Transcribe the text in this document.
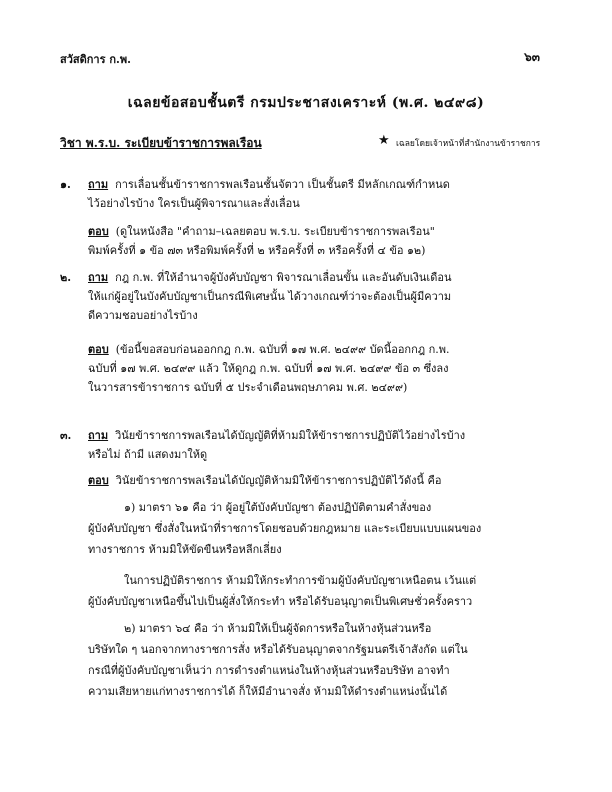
สวัสดิการ ก.พ.	๖๓
เฉลยข้อสอบชั้นตรี กรมประชาสงเคราะห์ (พ.ศ. ๒๔๙๘)
วิชา พ.ร.บ. ระเบียบข้าราชการพลเรือน	★ เฉลยโดยเจ้าหน้าที่สำนักงานข้าราชการ
๑. ถาม การเลื่อนชั้นข้าราชการพลเรือนชั้นจัตวา เป็นชั้นตรี มีหลักเกณฑ์กำหนด
ไว้อย่างไรบ้าง ใครเป็นผู้พิจารณาและสั่งเลื่อน
ตอบ (ดูในหนังสือ "คำถาม–เฉลยตอบ พ.ร.บ. ระเบียบข้าราชการพลเรือน"
พิมพ์ครั้งที่ ๑ ข้อ ๗๓ หรือพิมพ์ครั้งที่ ๒ หรือครั้งที่ ๓ หรือครั้งที่ ๔ ข้อ ๑๒)
๒. ถาม กฎ ก.พ. ที่ให้อำนาจผู้บังคับบัญชา พิจารณาเลื่อนขั้น และอันดับเงินเดือน
ให้แก่ผู้อยู่ในบังคับบัญชาเป็นกรณีพิเศษนั้น ได้วางเกณฑ์ว่าจะต้องเป็นผู้มีความ
ดีความชอบอย่างไรบ้าง
ตอบ (ข้อนี้ขอสอบก่อนออกกฎ ก.พ. ฉบับที่ ๑๗ พ.ศ. ๒๔๙๙ บัดนี้ออกกฎ ก.พ.
ฉบับที่ ๑๗ พ.ศ. ๒๔๙๙ แล้ว ให้ดูกฎ ก.พ. ฉบับที่ ๑๗ พ.ศ. ๒๔๙๙ ข้อ ๓ ซึ่งลง
ในวารสารข้าราชการ ฉบับที่ ๕ ประจำเดือนพฤษภาคม พ.ศ. ๒๔๙๙)
๓. ถาม วินัยข้าราชการพลเรือนได้บัญญัติที่ห้ามมิให้ข้าราชการปฏิบัติไว้อย่างไรบ้าง
หรือไม่ ถ้ามี แสดงมาให้ดู
ตอบ วินัยข้าราชการพลเรือนได้บัญญัติห้ามมิให้ข้าราชการปฏิบัติไว้ดังนี้ คือ
๑) มาตรา ๖๑ คือ ว่า ผู้อยู่ใต้บังคับบัญชา ต้องปฏิบัติตามคำสั่งของ
ผู้บังคับบัญชา ซึ่งสั่งในหน้าที่ราชการโดยชอบด้วยกฎหมาย และระเบียบแบบแผนของ
ทางราชการ ห้ามมิให้ขัดขืนหรือหลีกเลี่ยง
ในการปฏิบัติราชการ ห้ามมิให้กระทำการข้ามผู้บังคับบัญชาเหนือตน เว้นแต่
ผู้บังคับบัญชาเหนือขึ้นไปเป็นผู้สั่งให้กระทำ หรือได้รับอนุญาตเป็นพิเศษชั่วครั้งคราว
๒) มาตรา ๖๔ คือ ว่า ห้ามมิให้เป็นผู้จัดการหรือในห้างหุ้นส่วนหรือ
บริษัทใด ๆ นอกจากทางราชการสั่ง หรือได้รับอนุญาตจากรัฐมนตรีเจ้าสังกัด แต่ใน
กรณีที่ผู้บังคับบัญชาเห็นว่า การดำรงตำแหน่งในห้างหุ้นส่วนหรือบริษัท อาจทำ
ความเสียหายแก่ทางราชการได้ ก็ให้มีอำนาจสั่ง ห้ามมิให้ดำรงตำแหน่งนั้นได้
